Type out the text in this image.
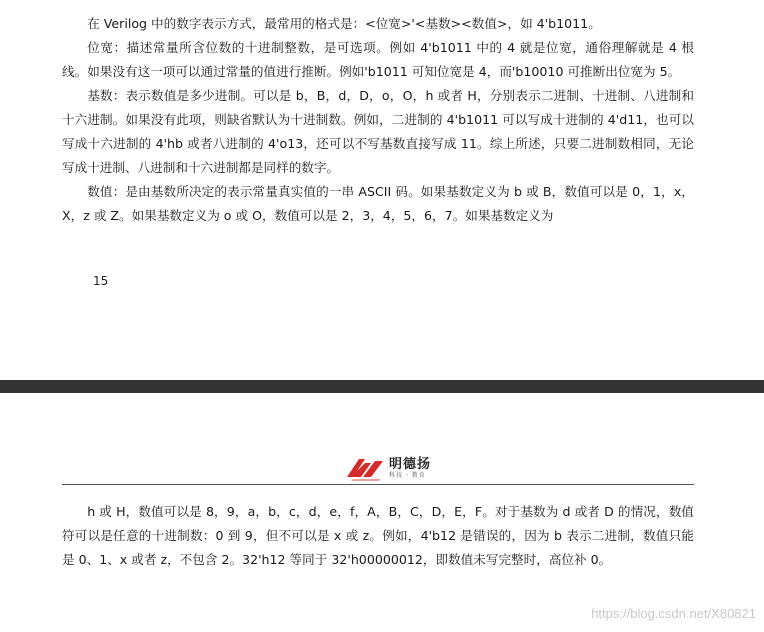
在 Verilog 中的数字表示方式，最常用的格式是：<位宽>'<基数><数值>，如 4'b1011。

位宽：描述常量所含位数的十进制整数，是可选项。例如 4'b1011 中的 4 就是位宽，通俗理解就是 4 根线。如果没有这一项可以通过常量的值进行推断。例如'b1011 可知位宽是 4，而'b10010 可推断出位宽为 5。

基数：表示数值是多少进制。可以是 b，B，d，D，o，O，h 或者 H，分别表示二进制、十进制、八进制和十六进制。如果没有此项，则缺省默认为十进制数。例如，二进制的 4'b1011 可以写成十进制的 4'd11，也可以写成十六进制的 4'hb 或者八进制的 4'o13，还可以不写基数直接写成 11。综上所述，只要二进制数相同，无论写成十进制、八进制和十六进制都是同样的数字。

数值：是由基数所决定的表示常量真实值的一串 ASCII 码。如果基数定义为 b 或 B，数值可以是 0，1，x，X，z 或 Z。如果基数定义为 o 或 O，数值可以是 2，3，4，5，6，7。如果基数定义为

15
明德扬
科技 · 教育

h 或 H，数值可以是 8，9，a，b，c，d，e，f，A，B，C，D，E，F。对于基数为 d 或者 D 的情况，数值符可以是任意的十进制数：0 到 9，但不可以是 x 或 z。例如，4'b12 是错误的，因为 b 表示二进制，数值只能是 0、1、x 或者 z，不包含 2。32'h12 等同于 32'h00000012，即数值未写完整时，高位补 0。

https://blog.csdn.net/X80821
